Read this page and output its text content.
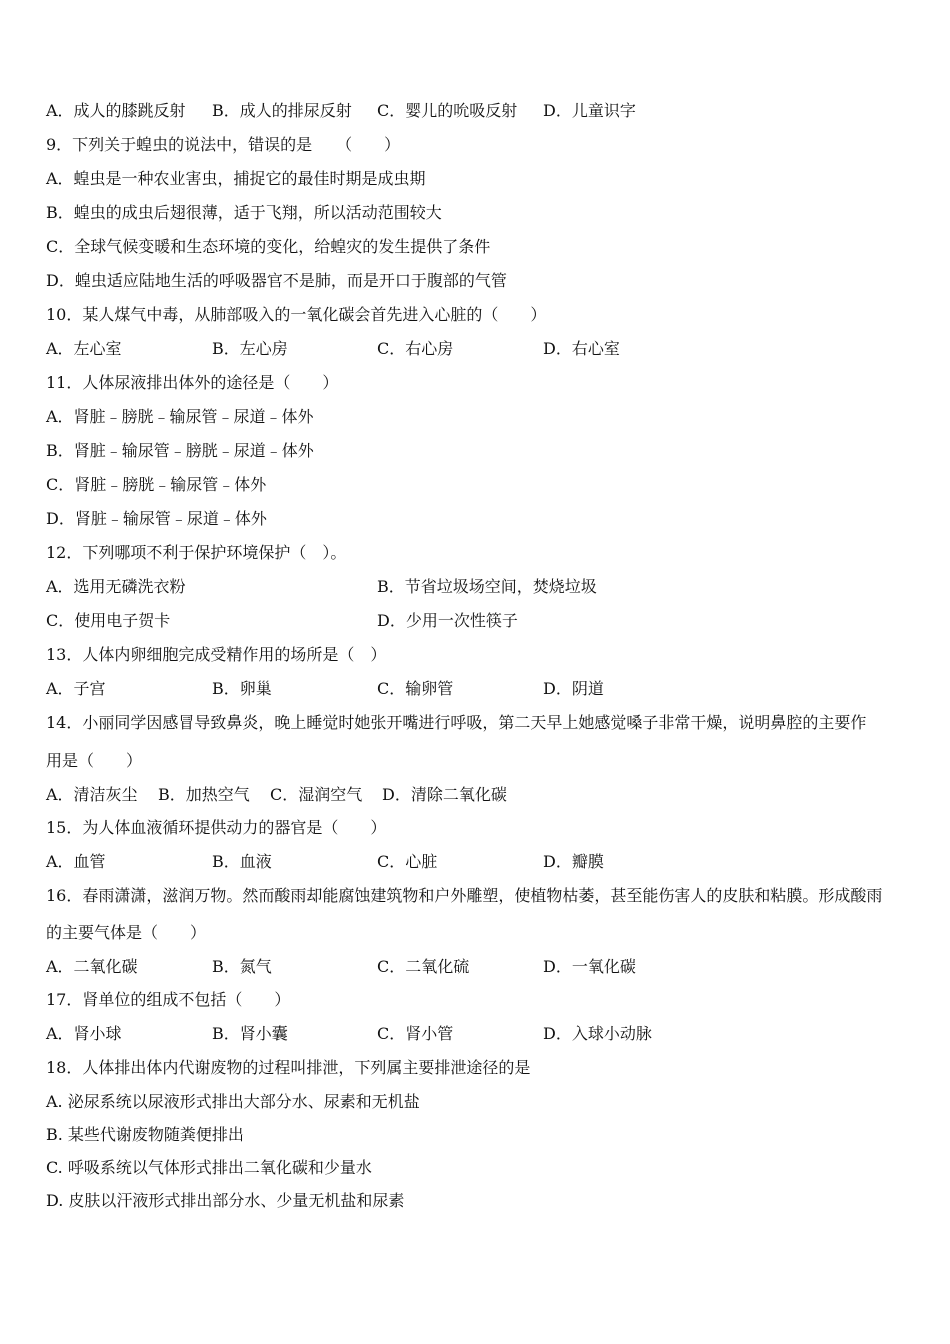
A．成人的膝跳反射 B．成人的排尿反射 C．婴儿的吮吸反射 D．儿童识字
9．下列关于蝗虫的说法中，错误的是　　（　　）
A．蝗虫是一种农业害虫，捕捉它的最佳时期是成虫期
B．蝗虫的成虫后翅很薄，适于飞翔，所以活动范围较大
C．全球气候变暖和生态环境的变化，给蝗灾的发生提供了条件
D．蝗虫适应陆地生活的呼吸器官不是肺，而是开口于腹部的气管
10．某人煤气中毒，从肺部吸入的一氧化碳会首先进入心脏的（　　）
A．左心室	B．左心房	C．右心房	D．右心室
11．人体尿液排出体外的途径是（　　）
A．肾脏﹣膀胱﹣输尿管﹣尿道﹣体外
B．肾脏﹣输尿管﹣膀胱﹣尿道﹣体外
C．肾脏﹣膀胱﹣输尿管﹣体外
D．肾脏﹣输尿管﹣尿道﹣体外
12．下列哪项不利于保护环境保护（　）。
A．选用无磷洗衣粉	B．节省垃圾场空间，焚烧垃圾
C．使用电子贺卡	D．少用一次性筷子
13．人体内卵细胞完成受精作用的场所是（　）
A．子宫	B．卵巢	C．输卵管	D．阴道
14．小丽同学因感冒导致鼻炎，晚上睡觉时她张开嘴进行呼吸，第二天早上她感觉嗓子非常干燥，说明鼻腔的主要作
用是（　　）
A．清洁灰尘 B．加热空气 C．湿润空气 D．清除二氧化碳
15．为人体血液循环提供动力的器官是（　　）
A．血管	B．血液	C．心脏	D．瓣膜
16．春雨潇潇，滋润万物。然而酸雨却能腐蚀建筑物和户外雕塑，使植物枯萎，甚至能伤害人的皮肤和粘膜。形成酸雨
的主要气体是（　　）
A．二氧化碳	B．氮气	C．二氧化硫	D．一氧化碳
17．肾单位的组成不包括（　　）
A．肾小球	B．肾小囊	C．肾小管	D．入球小动脉
18．人体排出体内代谢废物的过程叫排泄，下列属主要排泄途径的是
A. 泌尿系统以尿液形式排出大部分水、尿素和无机盐
B. 某些代谢废物随粪便排出
C. 呼吸系统以气体形式排出二氧化碳和少量水
D. 皮肤以汗液形式排出部分水、少量无机盐和尿素
